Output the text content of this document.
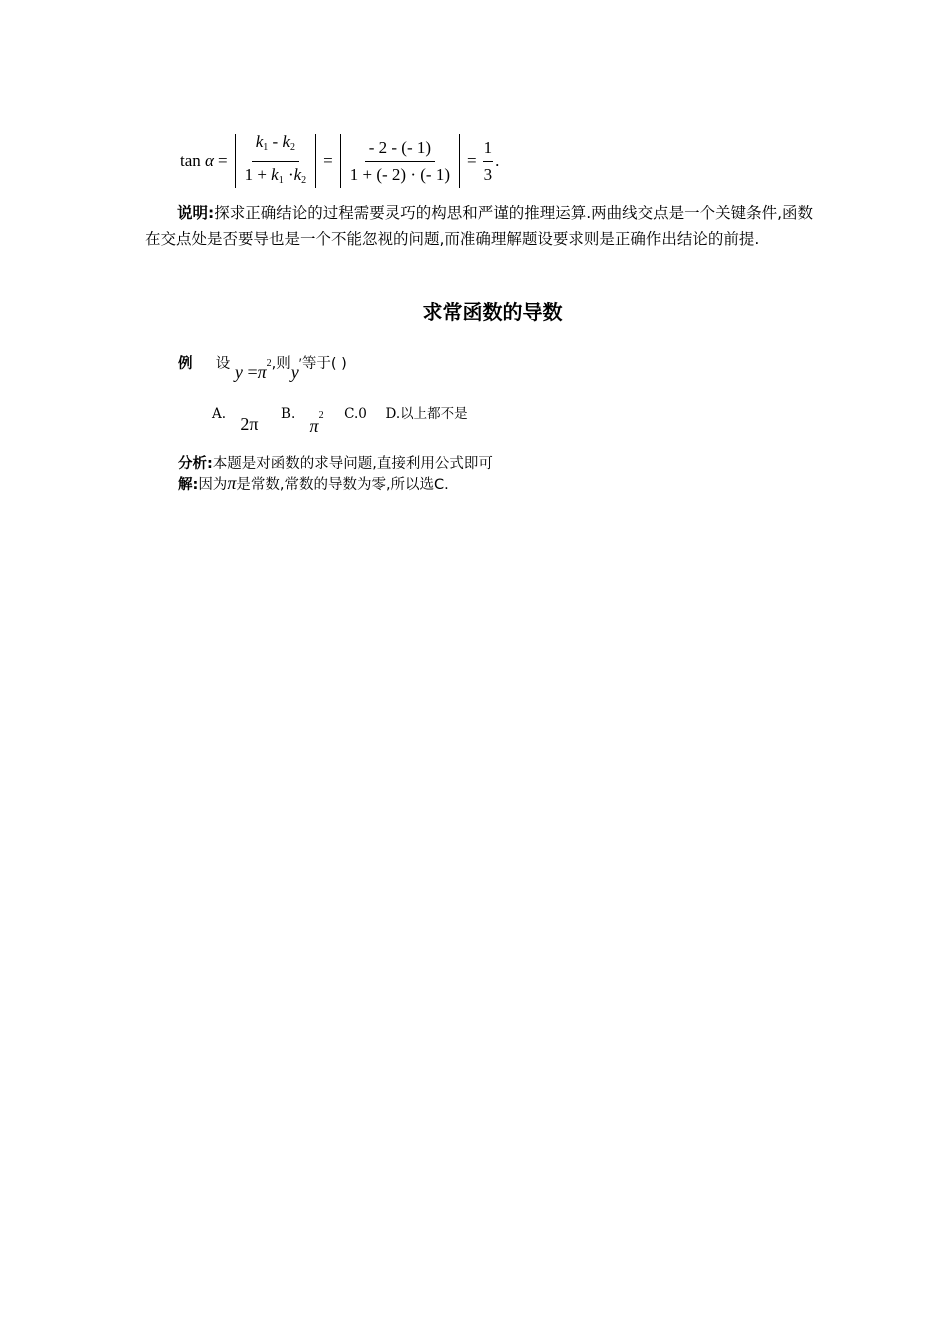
tan
$\alpha = \frac{k_1 - k_2}{1 + k_1 \cdot k_2} = \frac{- 2 - (- 1)}{1 + (- 2) \cdot (- 1)} = \frac{1}{3}$ .
说明:探求正确结论的过程需要灵巧的构思和严谨的推理运算.两曲线交点是一个关键条件,函数在交点处是否要导也是一个不能忽视的问题,而准确理解题设要求则是正确作出结论的前提.
求常函数的导数
例 设 $y =\pi^2$,则y′等于( )
A. 2π B. π2 C.0 D.以上都不是
分析:本题是对函数的求导问题,直接利用公式即可
解:因为π是常数,常数的导数为零,所以选C.
